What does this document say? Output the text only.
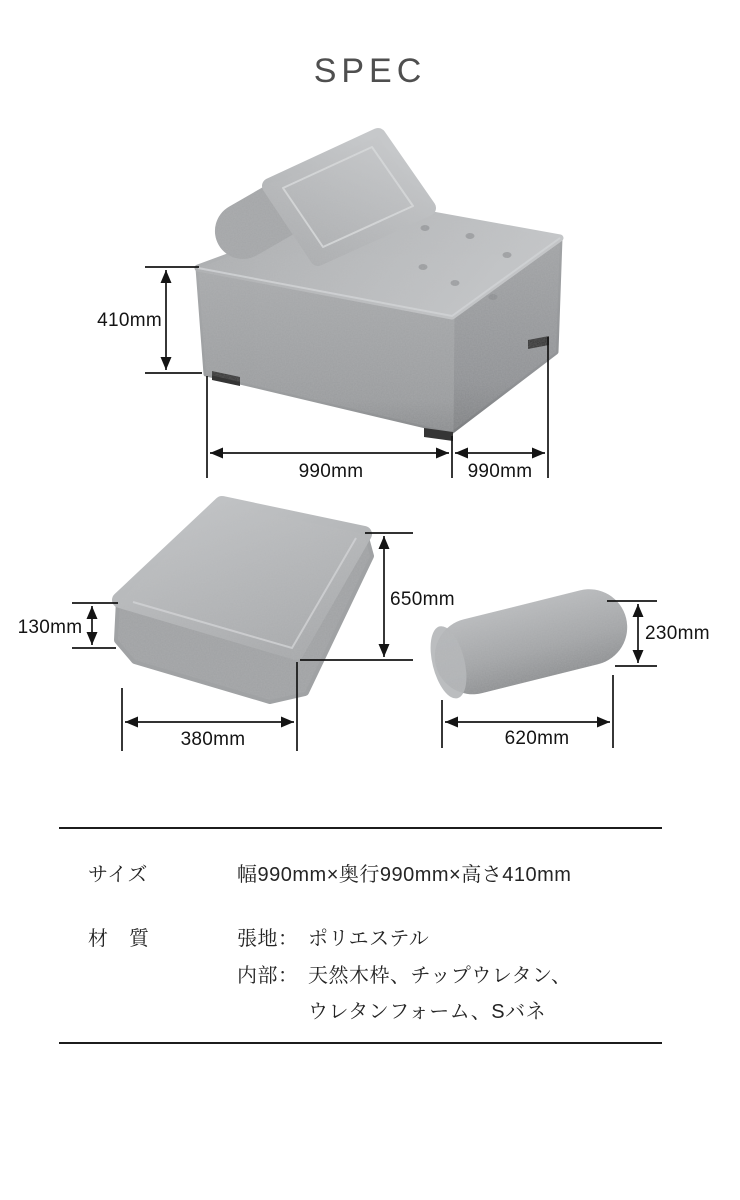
SPEC
410mm
990mm	990mm
130mm
650mm
380mm
230mm
620mm
サイズ	幅990mm×奥行990mm×高さ410mm
材　質	張地： ポリエステル
内部： 天然木枠、チップウレタン、
ウレタンフォーム、Sバネ
